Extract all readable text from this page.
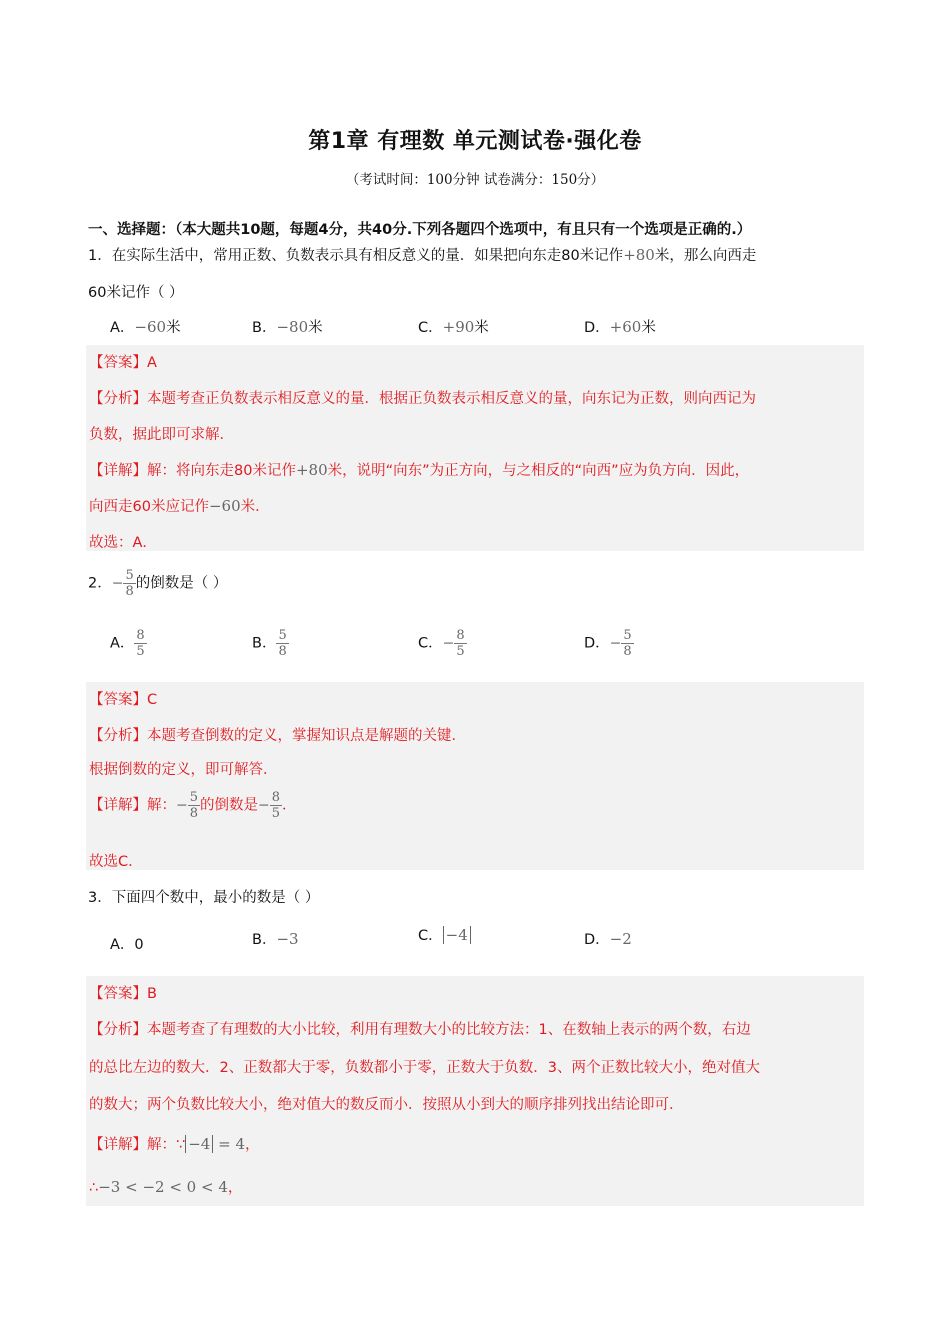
第1章 有理数 单元测试卷·强化卷
（考试时间：100分钟 试卷满分：150分）
一、选择题：（本大题共10题，每题4分，共40分.下列各题四个选项中，有且只有一个选项是正确的.）
1．在实际生活中，常用正数、负数表示具有相反意义的量．如果把向东走80米记作+80米，那么向西走
60米记作（ ）
A．−60米	B．−80米	C．+90米	D．+60米
【答案】A
【分析】本题考查正负数表示相反意义的量．根据正负数表示相反意义的量，向东记为正数，则向西记为
负数，据此即可求解．
【详解】解：将向东走80米记作+80米，说明“向东”为正方向，与之相反的“向西”应为负方向．因此，
向西走60米应记作−60米．
故选：A．
2．− $\frac{5}{8}$ 的倒数是（ ）
A． $\frac{8}{5}$	B． $\frac{5}{8}$	C．− $\frac{8}{5}$	D．− $\frac{5}{8}$
【答案】C
【分析】本题考查倒数的定义，掌握知识点是解题的关键．
根据倒数的定义，即可解答．
【详解】解：− $\frac{5}{8}$ 的倒数是− $\frac{8}{5}$ ．
故选C．
3．下面四个数中，最小的数是（ ）
A．0	B．−3	C． −4	D．−2
【答案】B
【分析】本题考查了有理数的大小比较，利用有理数大小的比较方法：1、在数轴上表示的两个数，右边
的总比左边的数大．2、正数都大于零，负数都小于零，正数大于负数．3、两个正数比较大小，绝对值大
的数大；两个负数比较大小，绝对值大的数反而小．按照从小到大的顺序排列找出结论即可．
【详解】解：∵ −4 = 4，
∴−3 < −2 < 0 < 4，
